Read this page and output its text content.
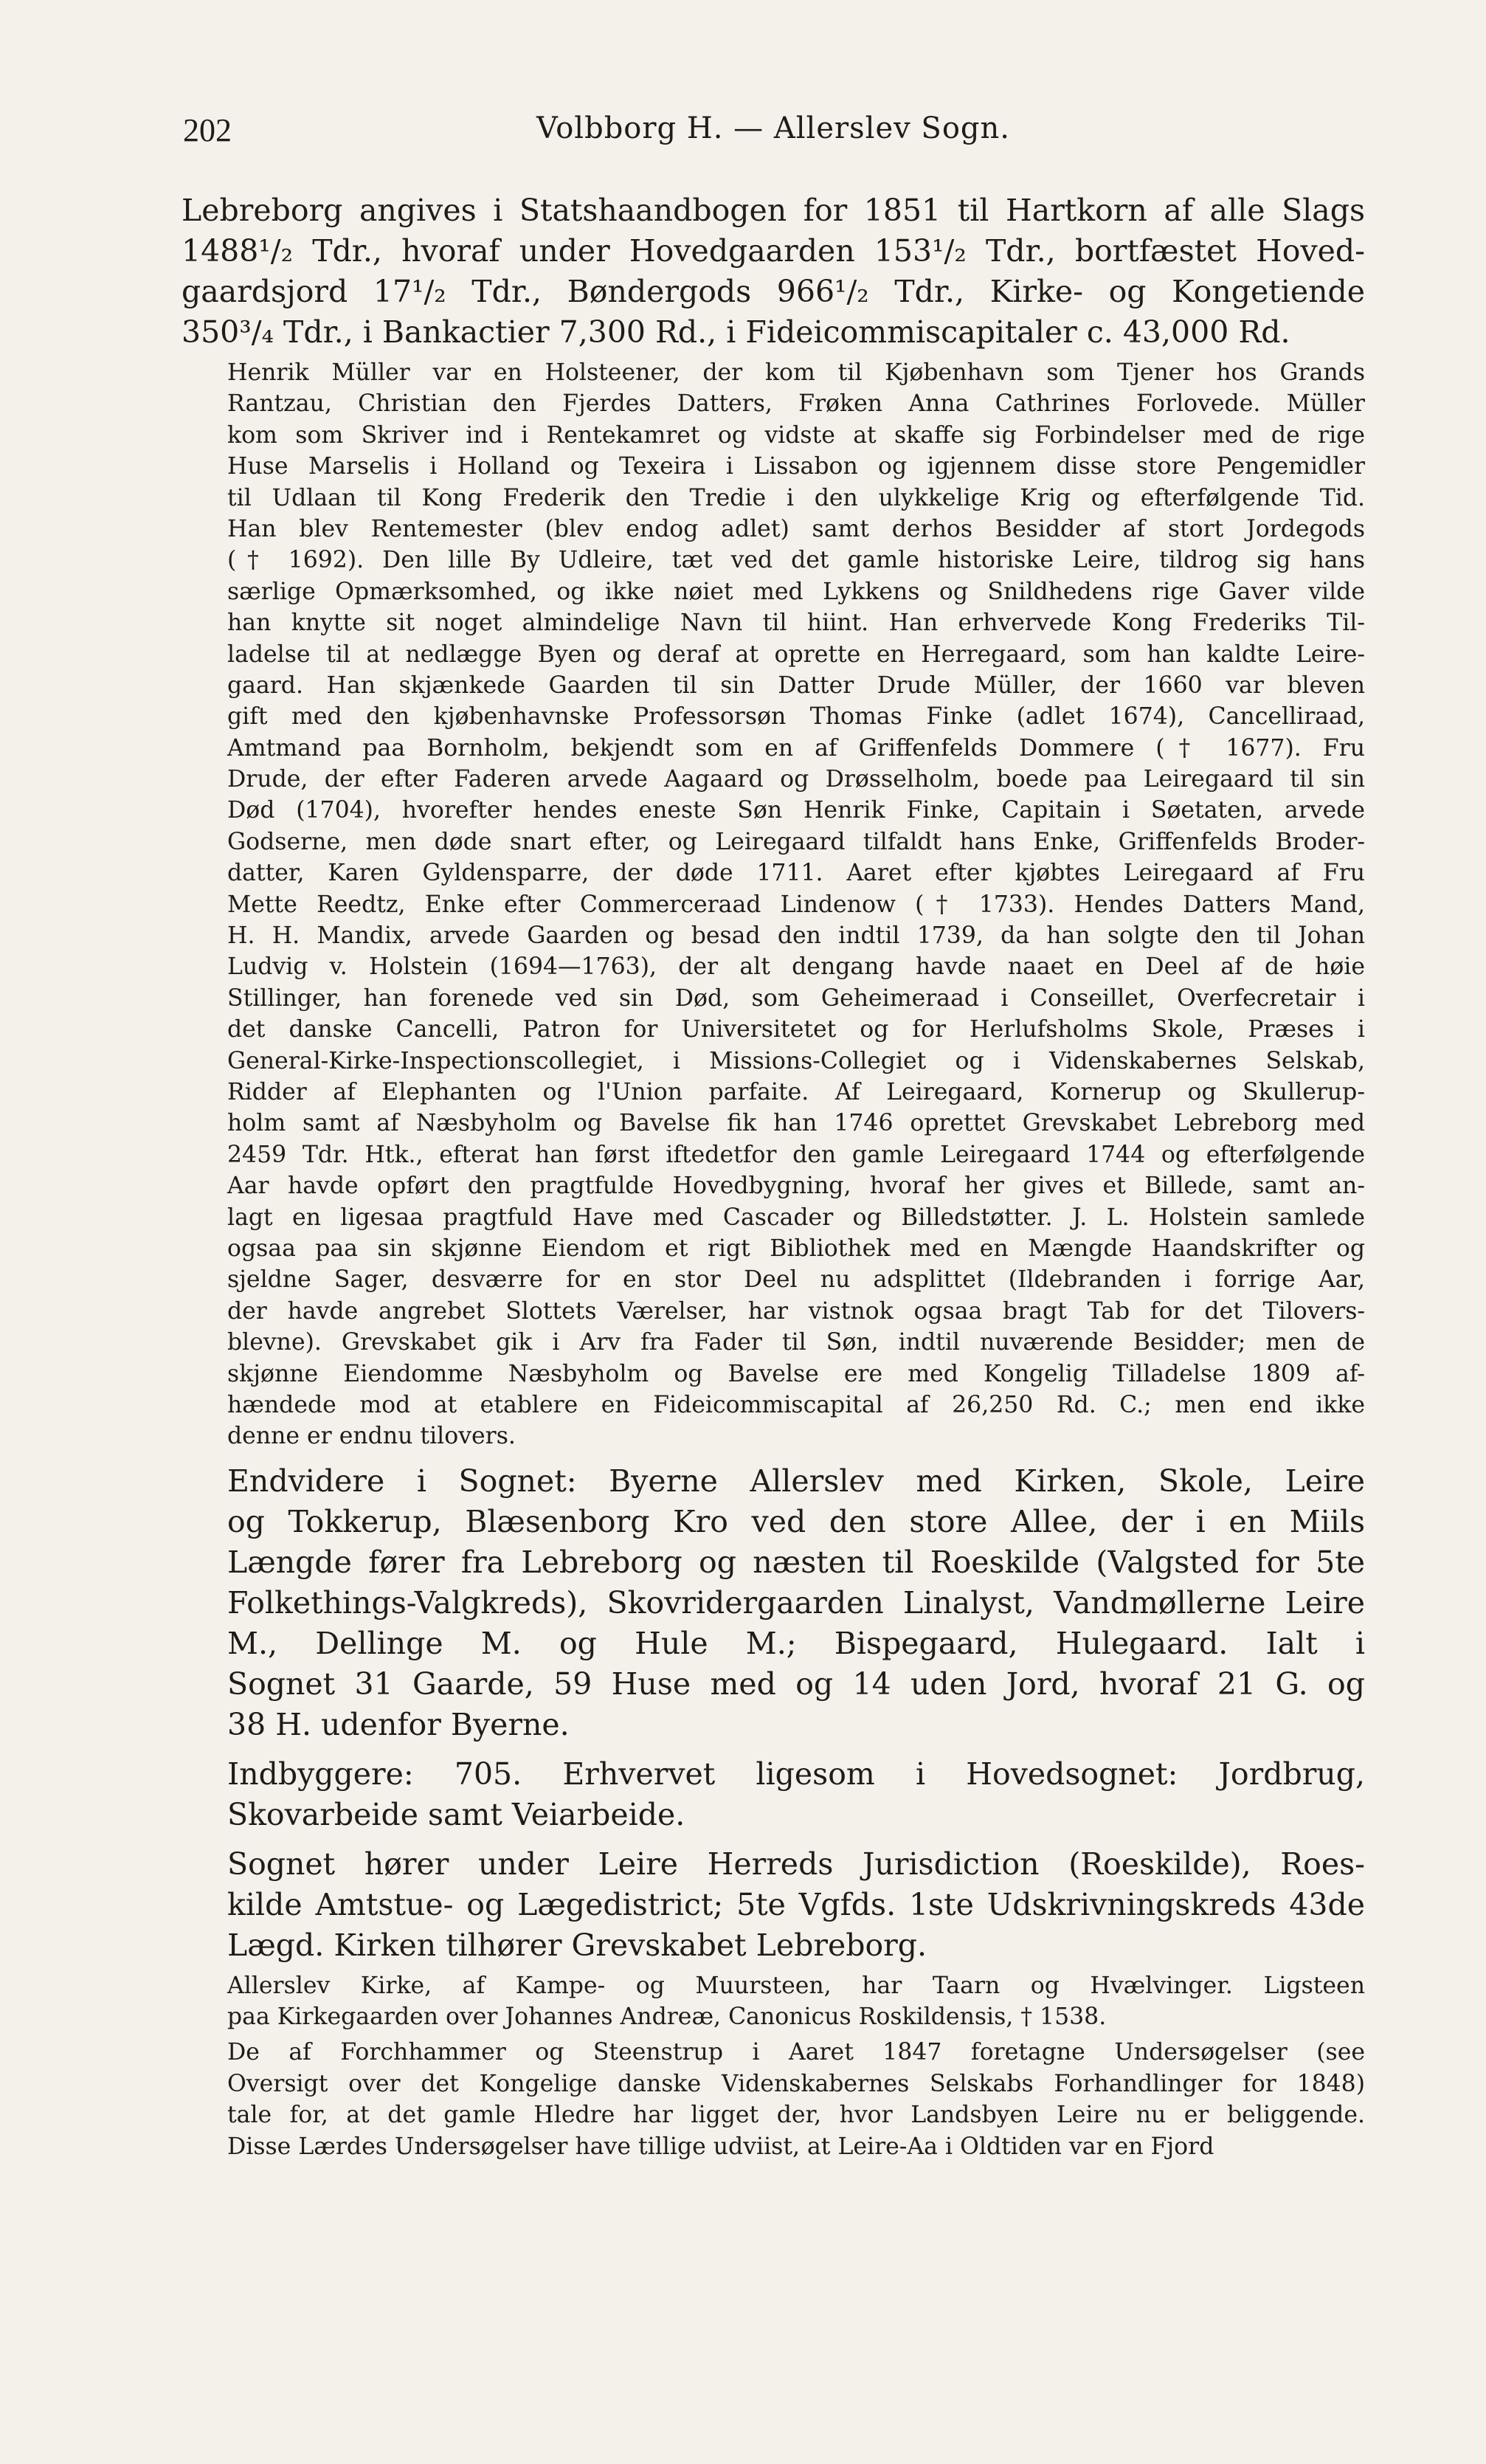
202	Volbborg H. — Allerslev Sogn.
Lebreborg angives i Statshaandbogen for 1851 til Hartkorn af alle Slags
1488¹/₂ Tdr., hvoraf under Hovedgaarden 153¹/₂ Tdr., bortfæstet Hoved-
gaardsjord 17¹/₂ Tdr., Bøndergods 966¹/₂ Tdr., Kirke- og Kongetiende
350³/₄ Tdr., i Bankactier 7,300 Rd., i Fideicommiscapitaler c. 43,000 Rd.
Henrik Müller var en Holsteener, der kom til Kjøbenhavn som Tjener hos Grands
Rantzau, Christian den Fjerdes Datters, Frøken Anna Cathrines Forlovede. Müller
kom som Skriver ind i Rentekamret og vidste at skaffe sig Forbindelser med de rige
Huse Marselis i Holland og Texeira i Lissabon og igjennem disse store Pengemidler
til Udlaan til Kong Frederik den Tredie i den ulykkelige Krig og efterfølgende Tid.
Han blev Rentemester (blev endog adlet) samt derhos Besidder af stort Jordegods
(† 1692). Den lille By Udleire, tæt ved det gamle historiske Leire, tildrog sig hans
særlige Opmærksomhed, og ikke nøiet med Lykkens og Snildhedens rige Gaver vilde
han knytte sit noget almindelige Navn til hiint. Han erhvervede Kong Frederiks Til-
ladelse til at nedlægge Byen og deraf at oprette en Herregaard, som han kaldte Leire-
gaard. Han skjænkede Gaarden til sin Datter Drude Müller, der 1660 var bleven
gift med den kjøbenhavnske Professorsøn Thomas Finke (adlet 1674), Cancelliraad,
Amtmand paa Bornholm, bekjendt som en af Griffenfelds Dommere († 1677). Fru
Drude, der efter Faderen arvede Aagaard og Drøsselholm, boede paa Leiregaard til sin
Død (1704), hvorefter hendes eneste Søn Henrik Finke, Capitain i Søetaten, arvede
Godserne, men døde snart efter, og Leiregaard tilfaldt hans Enke, Griffenfelds Broder-
datter, Karen Gyldensparre, der døde 1711. Aaret efter kjøbtes Leiregaard af Fru
Mette Reedtz, Enke efter Commerceraad Lindenow († 1733). Hendes Datters Mand,
H. H. Mandix, arvede Gaarden og besad den indtil 1739, da han solgte den til Johan
Ludvig v. Holstein (1694—1763), der alt dengang havde naaet en Deel af de høie
Stillinger, han forenede ved sin Død, som Geheimeraad i Conseillet, Overfecretair i
det danske Cancelli, Patron for Universitetet og for Herlufsholms Skole, Præses i
General-Kirke-Inspectionscollegiet, i Missions-Collegiet og i Videnskabernes Selskab,
Ridder af Elephanten og l'Union parfaite. Af Leiregaard, Kornerup og Skullerup-
holm samt af Næsbyholm og Bavelse fik han 1746 oprettet Grevskabet Lebreborg med
2459 Tdr. Htk., efterat han først iftedetfor den gamle Leiregaard 1744 og efterfølgende
Aar havde opført den pragtfulde Hovedbygning, hvoraf her gives et Billede, samt an-
lagt en ligesaa pragtfuld Have med Cascader og Billedstøtter. J. L. Holstein samlede
ogsaa paa sin skjønne Eiendom et rigt Bibliothek med en Mængde Haandskrifter og
sjeldne Sager, desværre for en stor Deel nu adsplittet (Ildebranden i forrige Aar,
der havde angrebet Slottets Værelser, har vistnok ogsaa bragt Tab for det Tilovers-
blevne). Grevskabet gik i Arv fra Fader til Søn, indtil nuværende Besidder; men de
skjønne Eiendomme Næsbyholm og Bavelse ere med Kongelig Tilladelse 1809 af-
hændede mod at etablere en Fideicommiscapital af 26,250 Rd. C.; men end ikke
denne er endnu tilovers.
Endvidere i Sognet: Byerne Allerslev med Kirken, Skole, Leire
og Tokkerup, Blæsenborg Kro ved den store Allee, der i en Miils
Længde fører fra Lebreborg og næsten til Roeskilde (Valgsted for 5te
Folkethings-Valgkreds), Skovridergaarden Linalyst, Vandmøllerne Leire
M., Dellinge M. og Hule M.; Bispegaard, Hulegaard. Ialt i
Sognet 31 Gaarde, 59 Huse med og 14 uden Jord, hvoraf 21 G. og
38 H. udenfor Byerne.
Indbyggere: 705. Erhvervet ligesom i Hovedsognet: Jordbrug,
Skovarbeide samt Veiarbeide.
Sognet hører under Leire Herreds Jurisdiction (Roeskilde), Roes-
kilde Amtstue- og Lægedistrict; 5te Vgfds. 1ste Udskrivningskreds 43de
Lægd. Kirken tilhører Grevskabet Lebreborg.
Allerslev Kirke, af Kampe- og Muursteen, har Taarn og Hvælvinger. Ligsteen
paa Kirkegaarden over Johannes Andreæ, Canonicus Roskildensis, † 1538.
De af Forchhammer og Steenstrup i Aaret 1847 foretagne Undersøgelser (see
Oversigt over det Kongelige danske Videnskabernes Selskabs Forhandlinger for 1848)
tale for, at det gamle Hledre har ligget der, hvor Landsbyen Leire nu er beliggende.
Disse Lærdes Undersøgelser have tillige udviist, at Leire-Aa i Oldtiden var en Fjord
